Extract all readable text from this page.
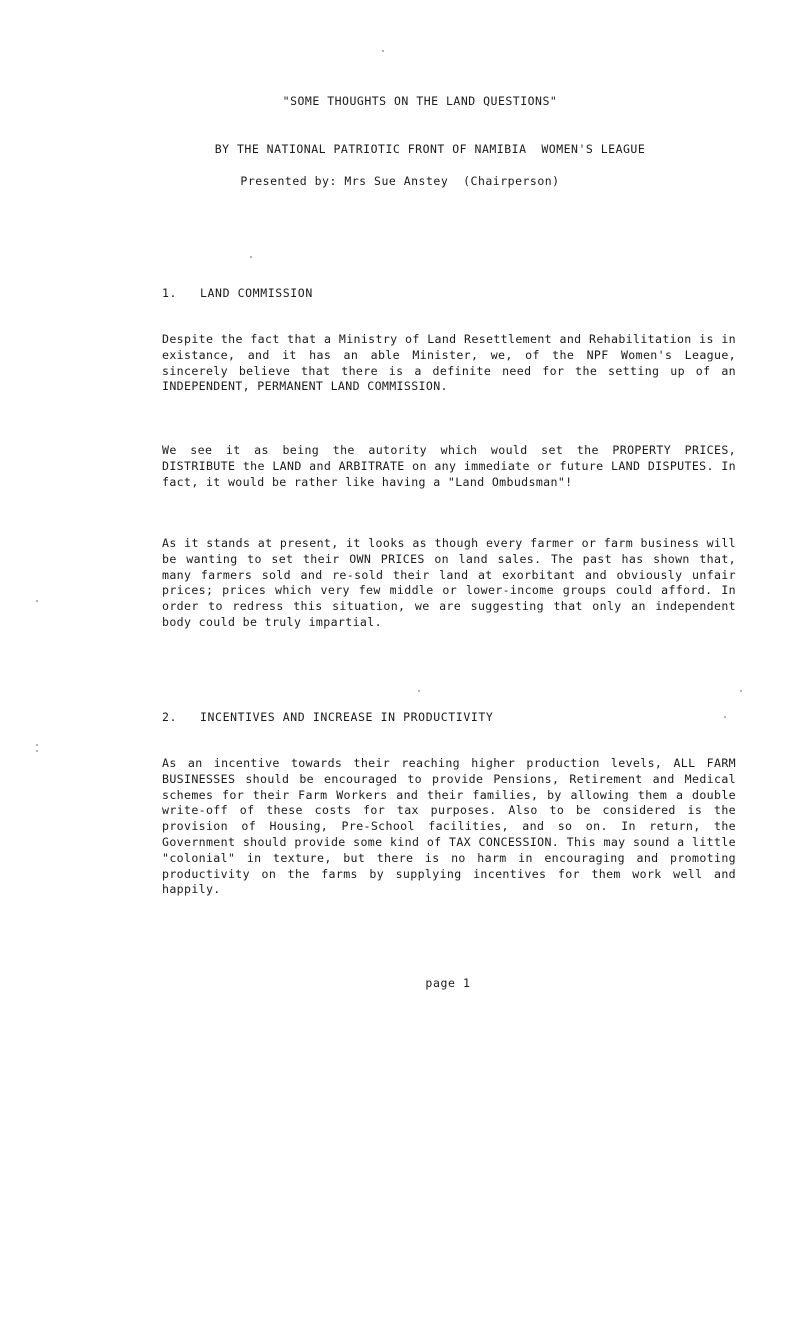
"SOME THOUGHTS ON THE LAND QUESTIONS"
BY THE NATIONAL PATRIOTIC FRONT OF NAMIBIA  WOMEN'S LEAGUE
Presented by: Mrs Sue Anstey  (Chairperson)
1. LAND COMMISSION
Despite the fact that a Ministry of Land Resettlement and Rehabilitation is in existance, and it has an able Minister, we, of the NPF Women's League, sincerely believe that there is a definite need for the setting up of an INDEPENDENT, PERMANENT LAND COMMISSION.
We see it as being the autority which would set the PROPERTY PRICES, DISTRIBUTE the LAND and ARBITRATE on any immediate or future LAND DISPUTES. In fact, it would be rather like having a "Land Ombudsman"!
As it stands at present, it looks as though every farmer or farm business will be wanting to set their OWN PRICES on land sales. The past has shown that, many farmers sold and re-sold their land at exorbitant and obviously unfair prices; prices which very few middle or lower-income groups could afford. In order to redress this situation, we are suggesting that only an independent body could be truly impartial.
2. INCENTIVES AND INCREASE IN PRODUCTIVITY
As an incentive towards their reaching higher production levels, ALL FARM BUSINESSES should be encouraged to provide Pensions, Retirement and Medical schemes for their Farm Workers and their families, by allowing them a double write-off of these costs for tax purposes. Also to be considered is the provision of Housing, Pre-School facilities, and so on. In return, the Government should provide some kind of TAX CONCESSION. This may sound a little "colonial" in texture, but there is no harm in encouraging and promoting productivity on the farms by supplying incentives for them work well and happily.
page 1
